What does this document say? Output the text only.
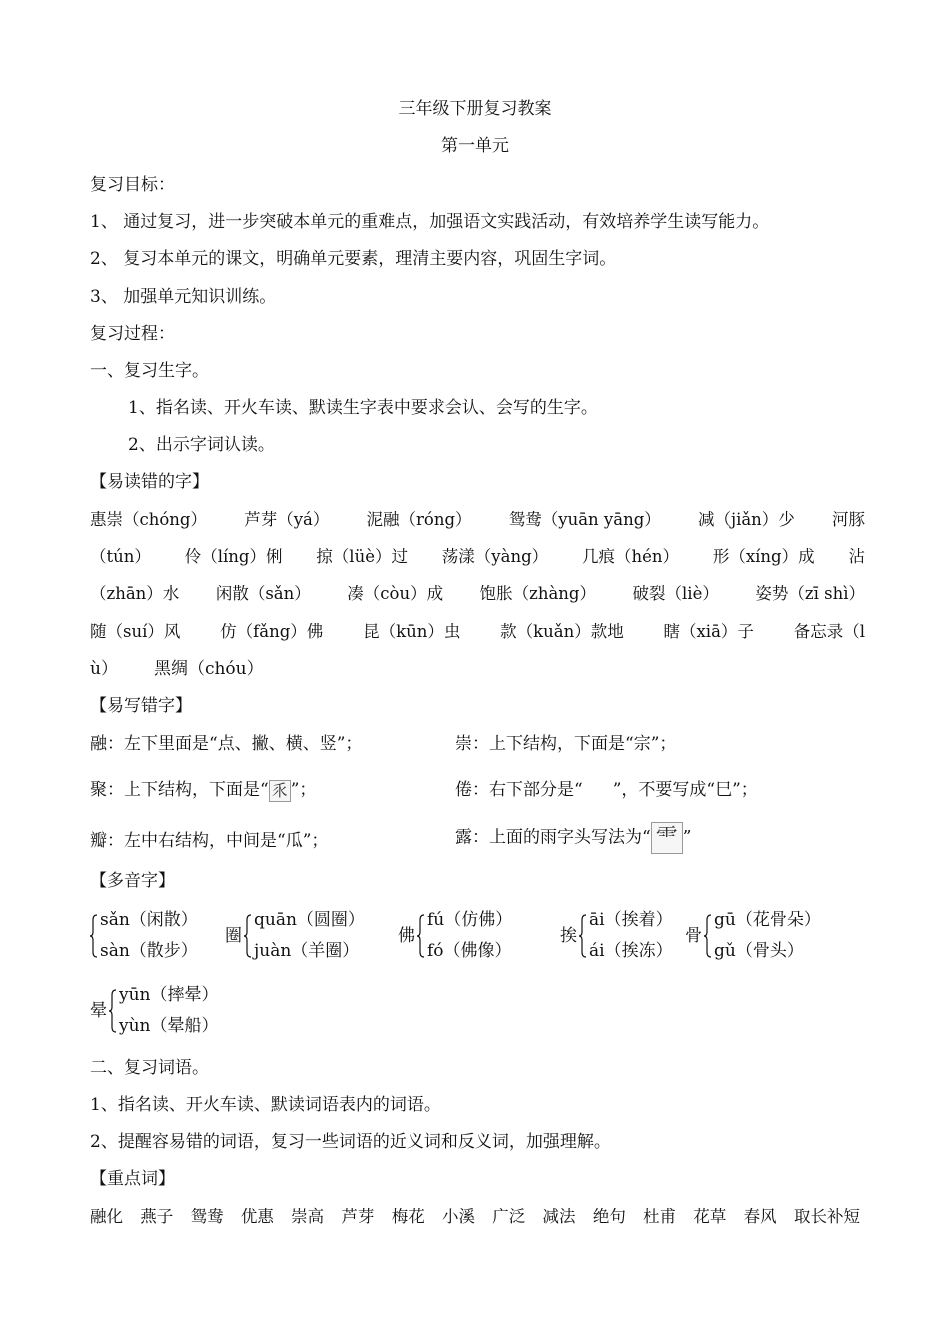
三年级下册复习教案

第一单元

复习目标：

1、 通过复习，进一步突破本单元的重难点，加强语文实践活动，有效培养学生读写能力。

2、 复习本单元的课文，明确单元要素，理清主要内容，巩固生字词。

3、 加强单元知识训练。

复习过程：

一、复习生字。

1、指名读、开火车读、默读生字表中要求会认、会写的生字。

2、出示字词认读。

【易读错的字】

惠崇（chóng） 芦芽（yá） 泥融（róng） 鸳鸯（yuān yāng） 减（jiǎn）少 河豚
（tún） 伶（líng）俐 掠（lüè）过 荡漾（yàng） 几痕（hén） 形（xíng）成 沾
（zhān）水 闲散（sǎn） 凑（còu）成 饱胀（zhàng） 破裂（liè） 姿势（zī shì）
随（suí）风 仿（fǎng）佛 昆（kūn）虫 款（kuǎn）款地 瞎（xiā）子 备忘录（l

ù） 黑绸（chóu）

【易写错字】

融：左下里面是“点、撇、横、竖”；	崇：上下结构，下面是“宗”；

聚：上下结构，下面是“ 乑 ”；	倦：右下部分是“ ”，不要写成“巳”；

瓣：左中右结构，中间是“瓜”；	露：上面的雨字头写法为“ ⻗ ”

【多音字】

sǎn（闲散）
sàn（散步）
圈
quān（圆圈）
juàn（羊圈）
佛
fú（仿佛）
fó（佛像）
挨
āi（挨着）
ái（挨冻）
骨
gū（花骨朵）
gǔ（骨头）
晕
yūn（摔晕）
yùn（晕船）

二、复习词语。

1、指名读、开火车读、默读词语表内的词语。

2、提醒容易错的词语，复习一些词语的近义词和反义词，加强理解。

【重点词】

融化 燕子 鸳鸯 优惠 崇高 芦芽 梅花 小溪 广泛 减法 绝句 杜甫 花草 春风 取长补短
